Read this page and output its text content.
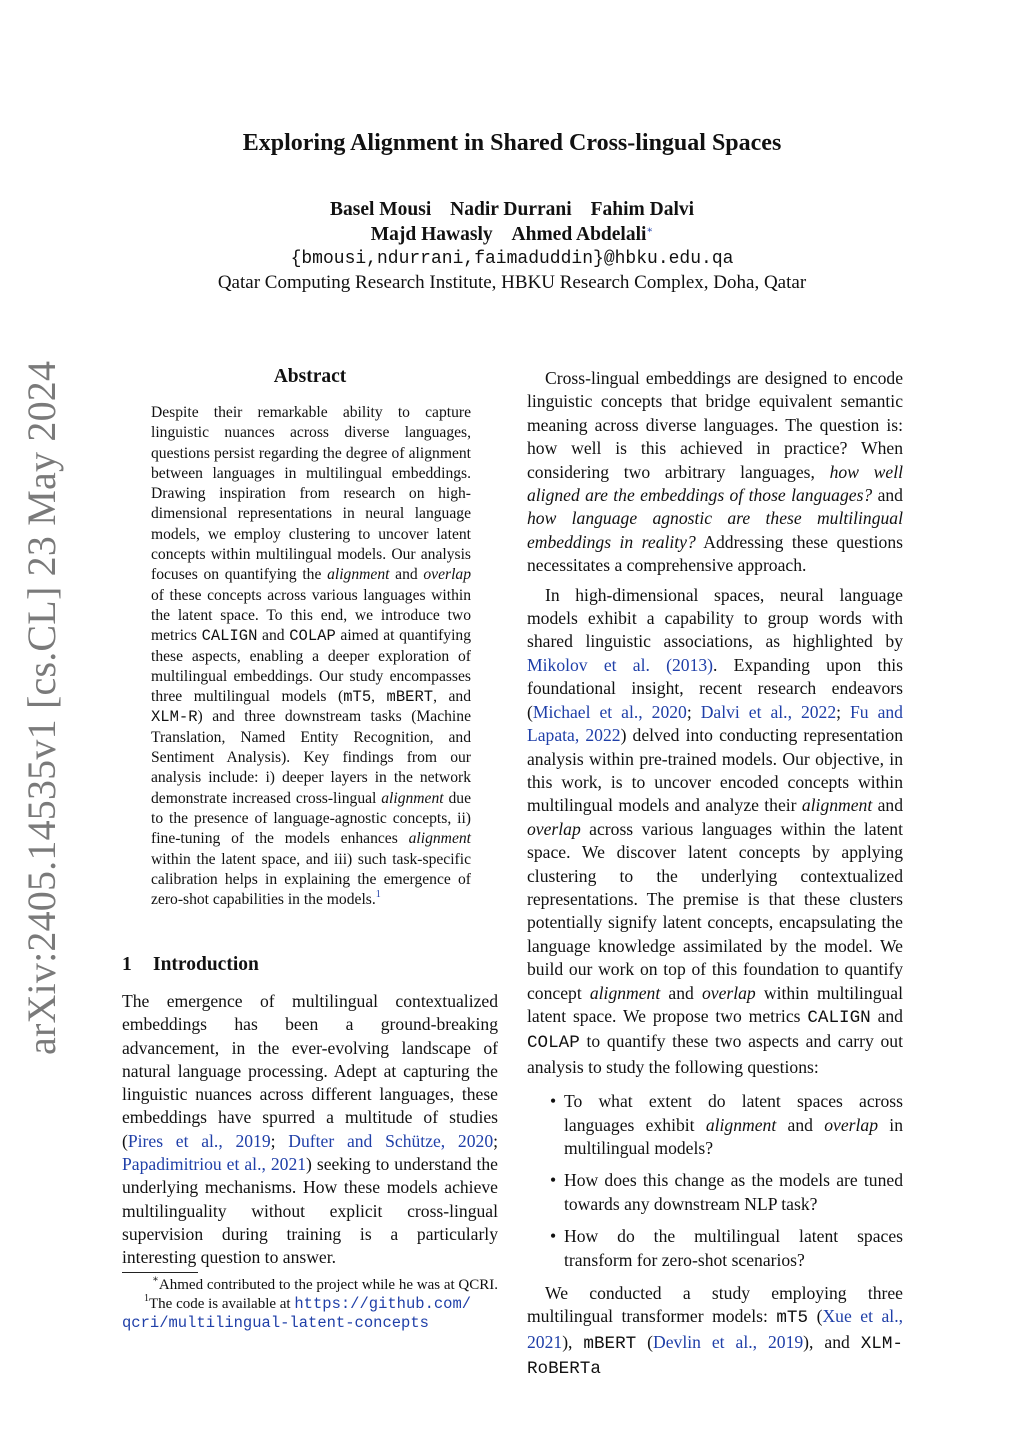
arXiv:2405.14535v1 [cs.CL] 23 May 2024
Exploring Alignment in Shared Cross-lingual Spaces
Basel Mousi Nadir Durrani Fahim Dalvi
Majd Hawasly Ahmed Abdelali∗
{bmousi,ndurrani,faimaduddin}@hbku.edu.qa
Qatar Computing Research Institute, HBKU Research Complex, Doha, Qatar
Abstract
Despite their remarkable ability to capture linguistic nuances across diverse languages, questions persist regarding the degree of alignment between languages in multilingual embeddings. Drawing inspiration from research on high-dimensional representations in neural language models, we employ clustering to uncover latent concepts within multilingual models. Our analysis focuses on quantifying the alignment and overlap of these concepts across various languages within the latent space. To this end, we introduce two metrics CALIGN and COLAP aimed at quantifying these aspects, enabling a deeper exploration of multilingual embeddings. Our study encompasses three multilingual models (mT5, mBERT, and XLM-R) and three downstream tasks (Machine Translation, Named Entity Recognition, and Sentiment Analysis). Key findings from our analysis include: i) deeper layers in the network demonstrate increased cross-lingual alignment due to the presence of language-agnostic concepts, ii) fine-tuning of the models enhances alignment within the latent space, and iii) such task-specific calibration helps in explaining the emergence of zero-shot capabilities in the models.$^1$
1 Introduction
The emergence of multilingual contextualized embeddings has been a ground-breaking advancement, in the ever-evolving landscape of natural language processing. Adept at capturing the linguistic nuances across different languages, these embeddings have spurred a multitude of studies (Pires et al., 2019; Dufter and Schütze, 2020; Papadimitriou et al., 2021) seeking to understand the underlying mechanisms. How these models achieve multilinguality without explicit cross-lingual supervision during training is a particularly interesting question to answer.
∗Ahmed contributed to the project while he was at QCRI.
$^1$The code is available at https://github.com/
qcri/multilingual-latent-concepts

Cross-lingual embeddings are designed to encode linguistic concepts that bridge equivalent semantic meaning across diverse languages. The question is: how well is this achieved in practice? When considering two arbitrary languages, how well aligned are the embeddings of those languages? and how language agnostic are these multilingual embeddings in reality? Addressing these questions necessitates a comprehensive approach.

In high-dimensional spaces, neural language models exhibit a capability to group words with shared linguistic associations, as highlighted by Mikolov et al. (2013). Expanding upon this foundational insight, recent research endeavors (Michael et al., 2020; Dalvi et al., 2022; Fu and Lapata, 2022) delved into conducting representation analysis within pre-trained models. Our objective, in this work, is to uncover encoded concepts within multilingual models and analyze their alignment and overlap across various languages within the latent space. We discover latent concepts by applying clustering to the underlying contextualized representations. The premise is that these clusters potentially signify latent concepts, encapsulating the language knowledge assimilated by the model. We build our work on top of this foundation to quantify concept alignment and overlap within multilingual latent space. We propose two metrics CALIGN and COLAP to quantify these two aspects and carry out analysis to study the following questions:

• To what extent do latent spaces across languages exhibit alignment and overlap in multilingual models?
• How does this change as the models are tuned towards any downstream NLP task?
• How do the multilingual latent spaces transform for zero-shot scenarios?

We conducted a study employing three multilingual transformer models: mT5 (Xue et al., 2021), mBERT (Devlin et al., 2019), and XLM-RoBERTa
